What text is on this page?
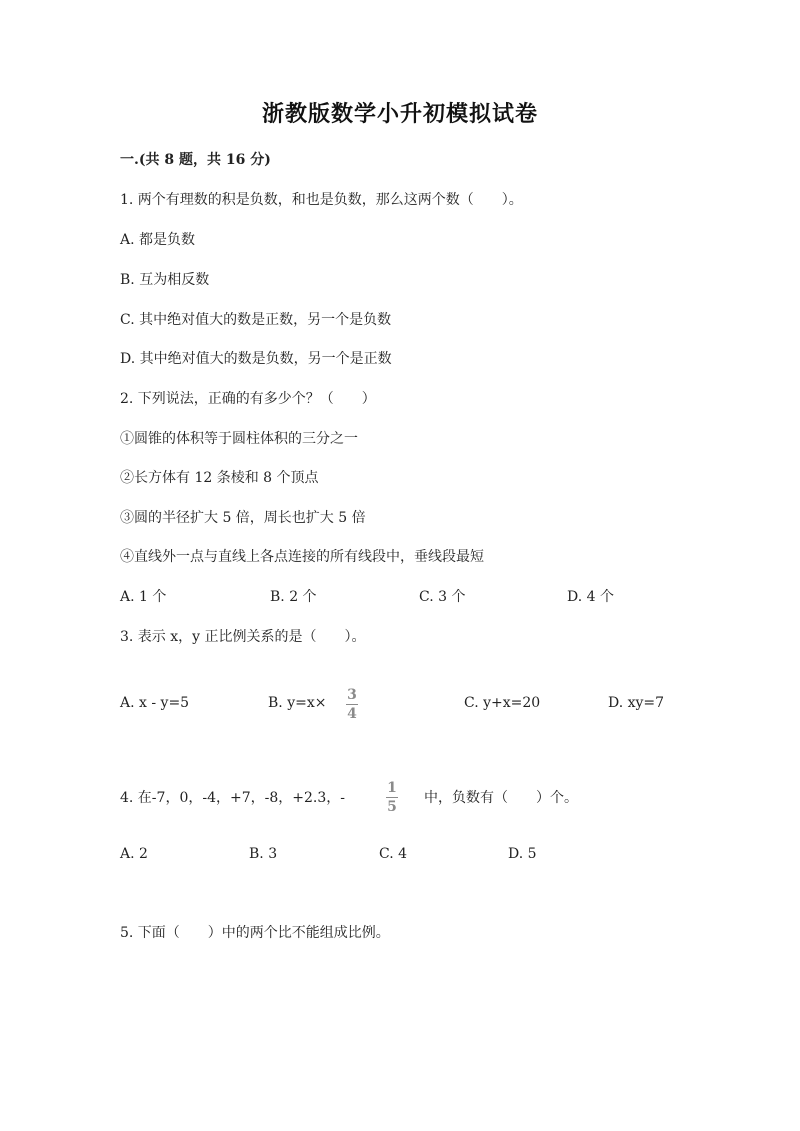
浙教版数学小升初模拟试卷
一.(共 8 题，共 16 分)
1. 两个有理数的积是负数，和也是负数，那么这两个数（　　）。
A. 都是负数
B. 互为相反数
C. 其中绝对值大的数是正数，另一个是负数
D. 其中绝对值大的数是负数，另一个是正数
2. 下列说法，正确的有多少个？（　　）
①圆锥的体积等于圆柱体积的三分之一
②长方体有 12 条棱和 8 个顶点
③圆的半径扩大 5 倍，周长也扩大 5 倍
④直线外一点与直线上各点连接的所有线段中，垂线段最短
A. 1 个	B. 2 个	C. 3 个	D. 4 个
3. 表示 x，y 正比例关系的是（　　）。
A. x - y=5	B. y=x× 3
4
C. y+x=20	D. xy=7
4. 在-7，0，-4，+7，-8，+2.3，-
1
5
中，负数有（　　）个。
A. 2	B. 3	C. 4	D. 5
5. 下面（　　）中的两个比不能组成比例。
